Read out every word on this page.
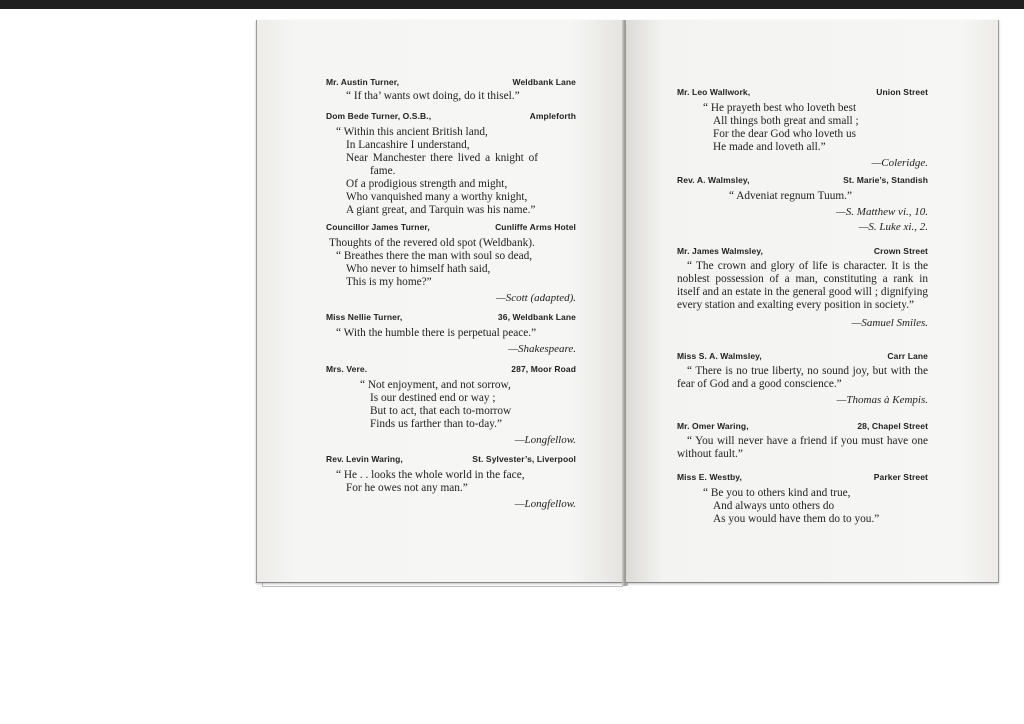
Mr. Austin Turner,	Weldbank Lane
“ If tha’ wants owt doing, do it thisel.”
Dom Bede Turner, O.S.B.,	Ampleforth
“ Within this ancient British land,
In Lancashire I understand,
Near Manchester there lived a knight of
fame.
Of a prodigious strength and might,
Who vanquished many a worthy knight,
A giant great, and Tarquin was his name.”
Councillor James Turner,	Cunliffe Arms Hotel
Thoughts of the revered old spot (Weldbank).
“ Breathes there the man with soul so dead,
Who never to himself hath said,
This is my home?”
—Scott (adapted).
Miss Nellie Turner,	36, Weldbank Lane
“ With the humble there is perpetual peace.”
—Shakespeare.
Mrs. Vere.	287, Moor Road
“ Not enjoyment, and not sorrow,
Is our destined end or way ;
But to act, that each to-morrow
Finds us farther than to-day.”
—Longfellow.
Rev. Levin Waring,	St. Sylvester’s, Liverpool
“ He . . looks the whole world in the face,
For he owes not any man.”
—Longfellow.
Mr. Leo Wallwork,	Union Street
“ He prayeth best who loveth best
All things both great and small ;
For the dear God who loveth us
He made and loveth all.”
—Coleridge.
Rev. A. Walmsley,	St. Marie’s, Standish
“ Adveniat regnum Tuum.”
—S. Matthew vi., 10.
—S. Luke xi., 2.
Mr. James Walmsley,	Crown Street
“ The crown and glory of life is character. It is the noblest possession of a man, constituting a rank in itself and an estate in the general good will ; dignifying every station and exalting every position in society.”
—Samuel Smiles.
Miss S. A. Walmsley,	Carr Lane
“ There is no true liberty, no sound joy, but with the fear of God and a good conscience.”
—Thomas à Kempis.
Mr. Omer Waring,	28, Chapel Street
“ You will never have a friend if you must have one without fault.”
Miss E. Westby,	Parker Street
“ Be you to others kind and true,
And always unto others do
As you would have them do to you.”
